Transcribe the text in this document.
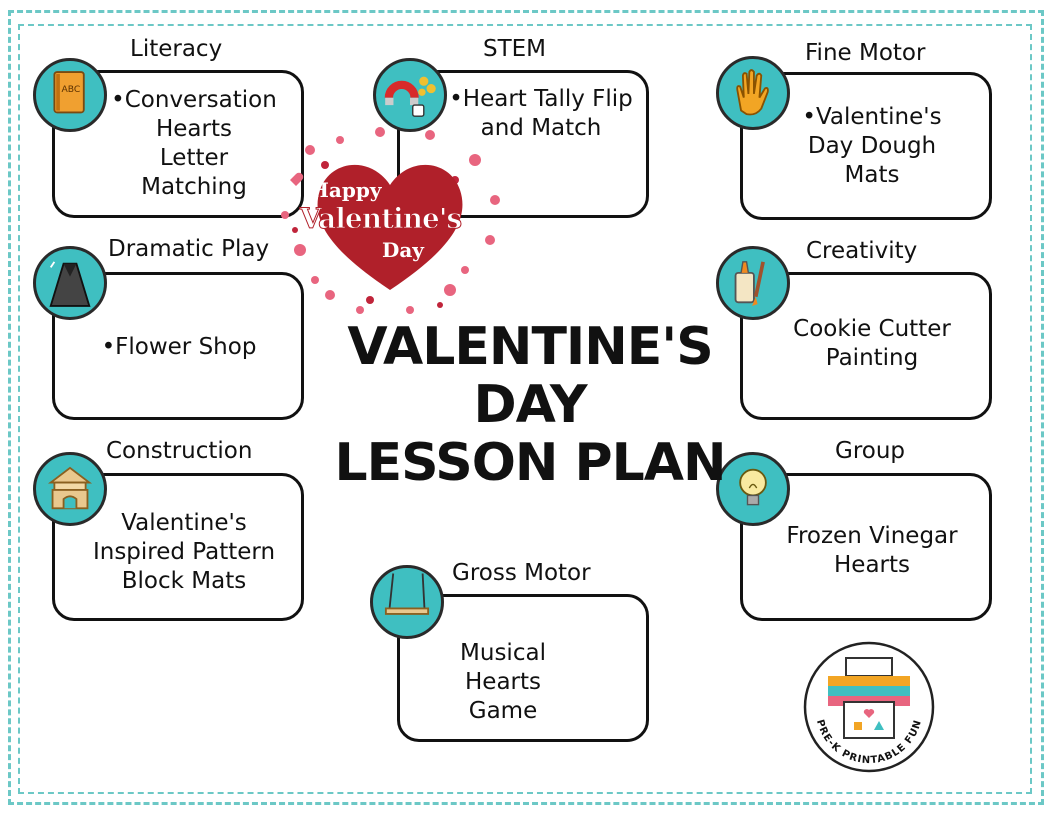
Literacy
•Conversation
Hearts
Letter
Matching
ABC
STEM
•Heart Tally Flip
and Match
Fine Motor
•Valentine's
Day Dough
Mats
Dramatic Play
•Flower Shop
Creativity
Cookie Cutter
Painting
Construction
Valentine's
Inspired Pattern
Block Mats
Group
Frozen Vinegar
Hearts
Gross Motor
Musical
Hearts
Game
Happy
Valentine's
Day
VALENTINE'S
DAY
LESSON PLAN
PRE-K PRINTABLE FUN
